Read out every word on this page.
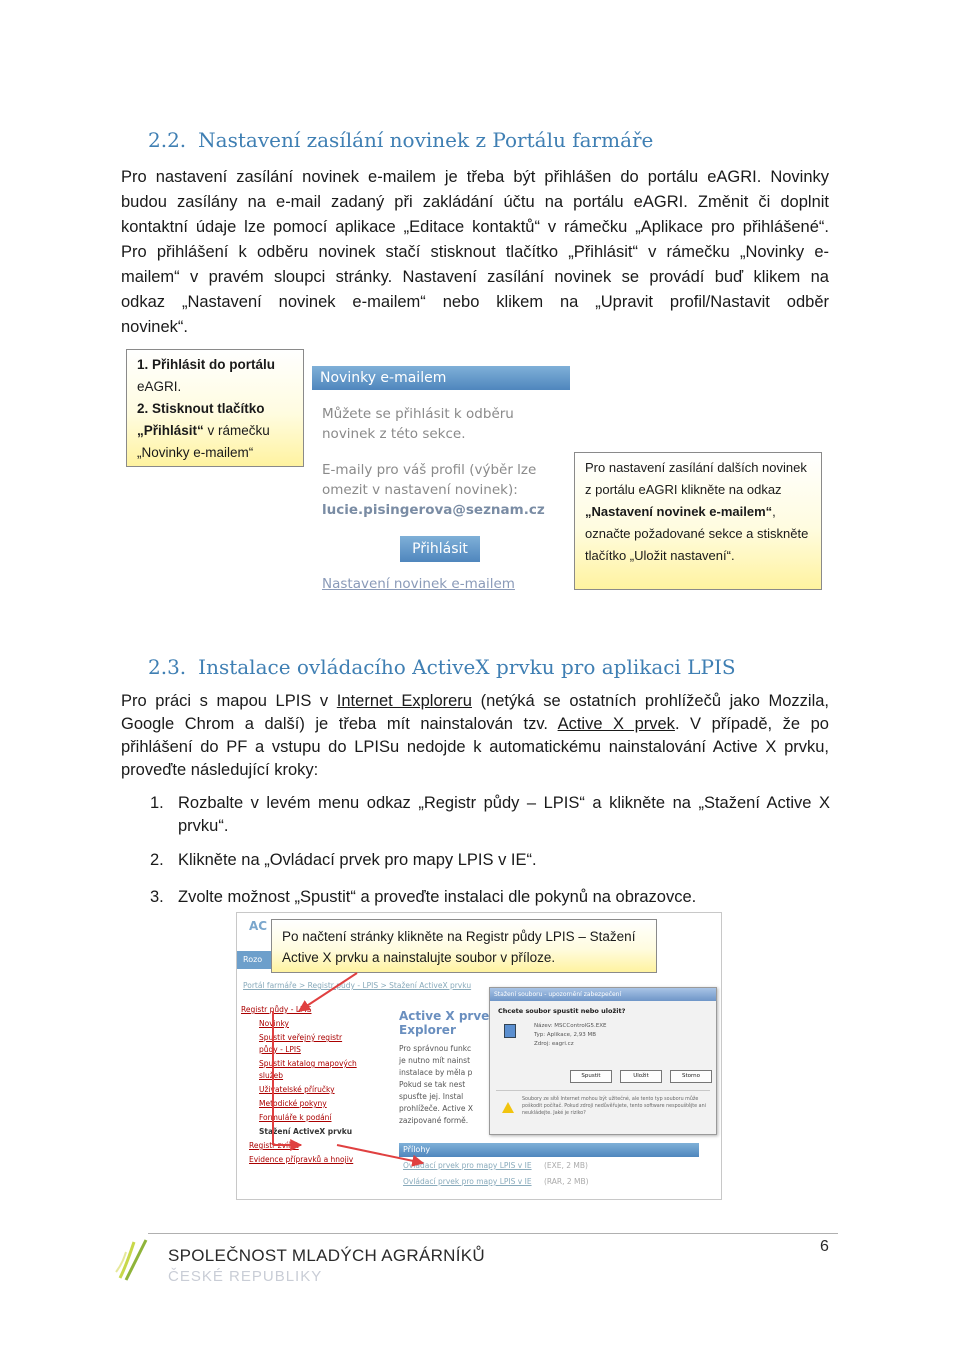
2.2. Nastavení zasílání novinek z Portálu farmáře
Pro nastavení zasílání novinek e-mailem je třeba být přihlášen do portálu eAGRI. Novinky
budou zasílány na e-mail zadaný při zakládání účtu na portálu eAGRI. Změnit či doplnit
kontaktní údaje lze pomocí aplikace „Editace kontaktů“ v rámečku „Aplikace pro přihlášené“.
Pro přihlášení k odběru novinek stačí stisknout tlačítko „Přihlásit“ v rámečku „Novinky e-
mailem“ v pravém sloupci stránky. Nastavení zasílání novinek se provádí buď klikem na
odkaz „Nastavení novinek e-mailem“ nebo klikem na „Upravit profil/Nastavit odběr
novinek“.
1. Přihlásit do portálu
eAGRI.
2. Stisknout tlačítko
„Přihlásit“ v rámečku
„Novinky e-mailem“
Novinky e-mailem
Můžete se přihlásit k odběru
novinek z této sekce.
E-maily pro váš profil (výběr lze
omezit v nastavení novinek):
lucie.pisingerova@seznam.cz
Přihlásit
Nastavení novinek e-mailem
Pro nastavení zasílání dalších novinek z portálu eAGRI klikněte na odkaz „Nastavení novinek e-mailem“, označte požadované sekce a stiskněte tlačítko „Uložit nastavení“.
2.3. Instalace ovládacího ActiveX prvku pro aplikaci LPIS
Pro práci s mapou LPIS v Internet Exploreru (netýká se ostatních prohlížečů jako Mozzila,
Google Chrom a další) je třeba mít nainstalován tzv. Active X prvek. V případě, že po
přihlášení do PF a vstupu do LPISu nedojde k automatickému nainstalování Active X prvku,
proveďte následující kroky:
1. Rozbalte v levém menu odkaz „Registr půdy – LPIS“ a klikněte na „Stažení Active X
prvku“.
2. Klikněte na „Ovládací prvek pro mapy LPIS v IE“.
3. Zvolte možnost „Spustit“ a proveďte instalaci dle pokynů na obrazovce.
AC
Rozo
Portál farmáře > Registr půdy - LPIS > Stažení ActiveX prvku
Registr půdy - LPIS
Novinky
Spustit veřejný registr
půdy - LPIS
Spustit katalog mapových
služeb
Uživatelské příručky
Metodické pokyny
Formuláře k podání
Stažení ActiveX prvku
Registr zvířat
Evidence přípravků a hnojiv
Active X prve
Explorer
Pro správnou funkc
je nutno mít nainst
instalace by měla p
Pokud se tak nest
spusťte jej. Instal
prohlížeče. Active X
zazipované formě.
Přílohy
Ovládací prvek pro mapy LPIS v IE (EXE, 2 MB)
Ovládací prvek pro mapy LPIS v IE (RAR, 2 MB)
Stažení souboru - upozornění zabezpečení
Chcete soubor spustit nebo uložit?
Název: MSCControlG5.EXE
Typ: Aplikace, 2,93 MB
Zdroj: eagri.cz
Spustit	Uložit	Storno
Soubory ze sítě Internet mohou být užitečné, ale tento typ souboru může poškodit počítač. Pokud zdroji nedůvěřujete, tento software nespouštějte ani neukládejte. Jaké je riziko?
Po načtení stránky klikněte na Registr půdy LPIS – Stažení
Active X prvku a nainstalujte soubor v příloze.
SPOLEČNOST MLADÝCH AGRÁRNÍKŮ
ČESKÉ REPUBLIKY
6
